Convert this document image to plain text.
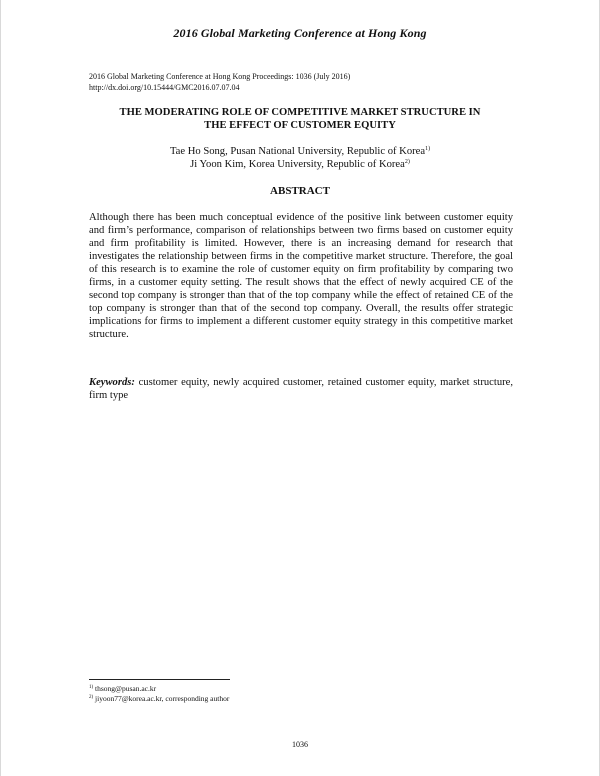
2016 Global Marketing Conference at Hong Kong
2016 Global Marketing Conference at Hong Kong Proceedings: 1036 (July 2016)
http://dx.doi.org/10.15444/GMC2016.07.07.04
THE MODERATING ROLE OF COMPETITIVE MARKET STRUCTURE IN
THE EFFECT OF CUSTOMER EQUITY
Tae Ho Song, Pusan National University, Republic of Korea$^{1)}$
Ji Yoon Kim, Korea University, Republic of Korea$^{2)}$
ABSTRACT
Although there has been much conceptual evidence of the positive link between customer equity and firm’s performance, comparison of relationships between two firms based on customer equity and firm profitability is limited. However, there is an increasing demand for research that investigates the relationship between firms in the competitive market structure. Therefore, the goal of this research is to examine the role of customer equity on firm profitability by comparing two firms, in a customer equity setting. The result shows that the effect of newly acquired CE of the second top company is stronger than that of the top company while the effect of retained CE of the top company is stronger than that of the second top company. Overall, the results offer strategic implications for firms to implement a different customer equity strategy in this competitive market structure.
Keywords: customer equity, newly acquired customer, retained customer equity, market structure, firm type
$^{1)}$ thsong@pusan.ac.kr
$^{2)}$ jiyoon77@korea.ac.kr, corresponding author
1036
